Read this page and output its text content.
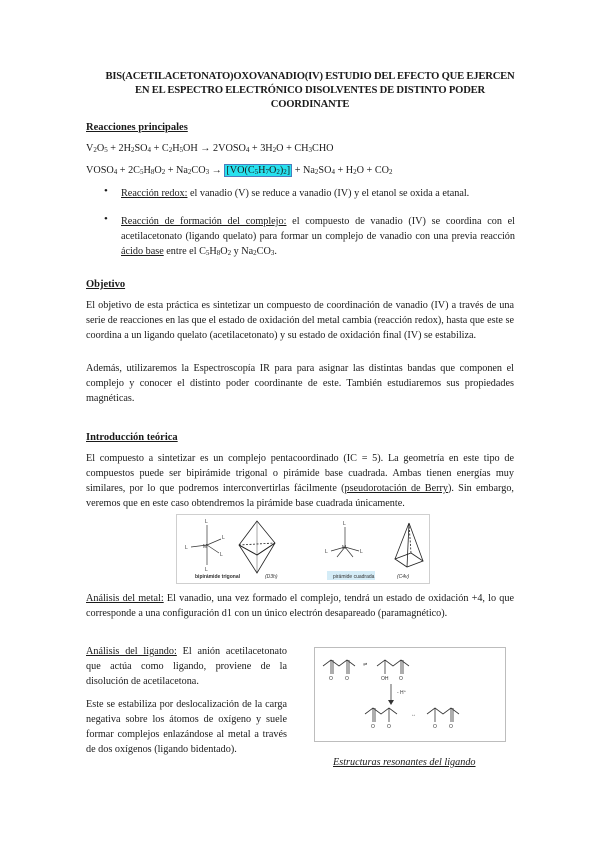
BIS(ACETILACETONATO)OXOVANADIO(IV) ESTUDIO DEL EFECTO QUE EJERCEN EN EL ESPECTRO ELECTRÓNICO DISOLVENTES DE DISTINTO PODER COORDINANTE
Reacciones principales
$V_2O_5 + 2H_2SO_4 + C_2H_5OH$ → $2VOSO_4 + 3H_2O + CH_3CHO$
$VOSO_4 + 2C_5H_8O_2 + Na_2CO_3 \to [VO(C_5H_7O_2)_2] + Na_2SO_4 + H_2O + CO_2$
• Reacción redox: el vanadio (V) se reduce a vanadio (IV) y el etanol se oxida a etanal.
• Reacción de formación del complejo: el compuesto de vanadio (IV) se coordina con el acetilacetonato (ligando quelato) para formar un complejo de vanadio con una previa reacción ácido base entre el $C_5H_8O_2$ y $Na_2CO_3$.
Objetivo
El objetivo de esta práctica es sintetizar un compuesto de coordinación de vanadio (IV) a través de una serie de reacciones en las que el estado de oxidación del metal cambia (reacción redox), hasta que este se coordina a un ligando quelato (acetilacetonato) y su estado de oxidación final (IV) se estabiliza.
Además, utilizaremos la Espectroscopía IR para para asignar las distintas bandas que componen el complejo y conocer el distinto poder coordinante de este. También estudiaremos sus propiedades magnéticas.
Introducción teórica
El compuesto a sintetizar es un complejo pentacoordinado (IC = 5). La geometría en este tipo de compuestos puede ser bipirámide trigonal o pirámide base cuadrada. Ambas tienen energías muy similares, por lo que podremos interconvertirlas fácilmente (pseudorotación de Berry). Sin embargo, veremos que en este caso obtendremos la pirámide base cuadrada únicamente.
M
L
L
L
L
L
bipirámide trigonal	(D3h)
M
L
L	L
pirámide cuadrada	(C4v)
Análisis del metal: El vanadio, una vez formado el complejo, tendrá un estado de oxidación +4, lo que corresponde a una configuración d1 con un único electrón desapareado (paramagnético).
Análisis del ligando: El anión acetilacetonato que actúa como ligando, proviene de la disolución de acetilacetona.
Este se estabiliza por deslocalización de la carga negativa sobre los átomos de oxígeno y suele formar complejos enlazándose al metal a través de dos oxígenos (ligando bidentado).
O O
⇌
OH O
- H⁺
O O
↔
O O
Estructuras resonantes del ligando
